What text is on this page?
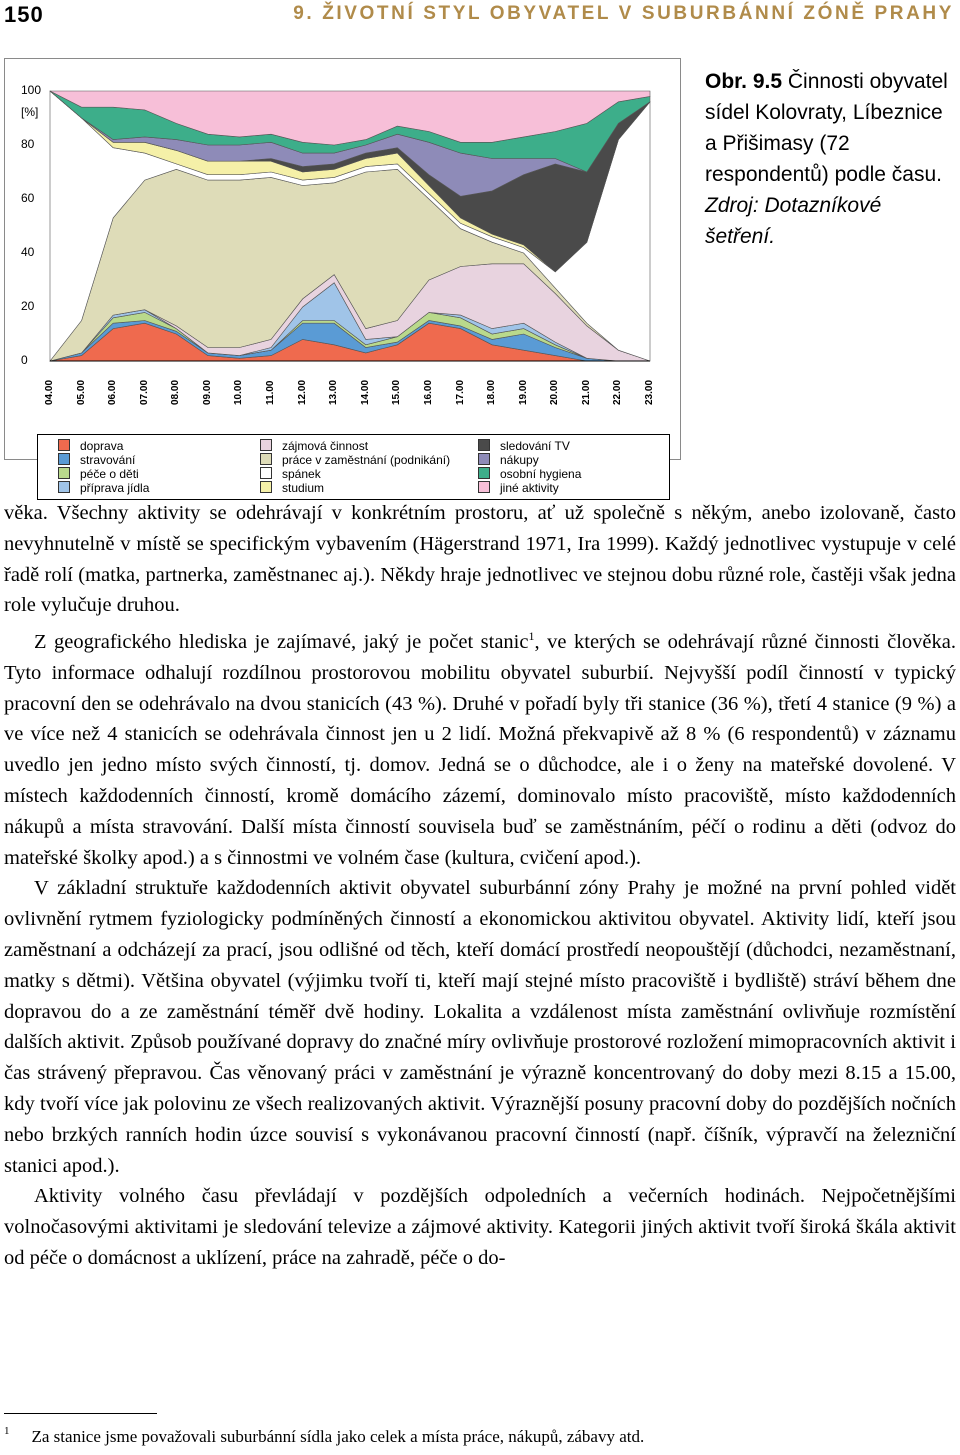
150	9. ŽIVOTNÍ STYL OBYVATEL V SUBURBÁNNÍ ZÓNĚ PRAHY
100
80
60
40
20
0
[%]
04.00 05.00 06.00 07.00 08.00 09.00 10.00 11.00 12.00 13.00 14.00 15.00 16.00 17.00 18.00 19.00 20.00 21.00 22.00 23.00
doprava
stravování
péče o děti
příprava jídla
zájmová činnost
práce v zaměstnání (podnikání)
spánek
studium
sledování TV
nákupy
osobní hygiena
jiné aktivity
Obr. 9.5 Činnosti obyvatel sídel Kolovraty, Líbeznice a Přišimasy (72 respondentů) podle času. Zdroj: Dotazníkové šetření.

věka. Všechny aktivity se odehrávají v konkrétním prostoru, ať už společně s někým, anebo izolovaně, často nevyhnutelně v místě se specifickým vybavením (Hägerstrand 1971, Ira 1999). Každý jednotlivec vystupuje v celé řadě rolí (matka, partnerka, zaměstnanec aj.). Někdy hraje jednotlivec ve stejnou dobu různé role, častěji však jedna role vylučuje druhou.

Z geografického hlediska je zajímavé, jaký je počet stanic$^1$, ve kterých se odehrávají různé činnosti člověka. Tyto informace odhalují rozdílnou prostorovou mobilitu obyvatel suburbií. Nejvyšší podíl činností v typický pracovní den se odehrávalo na dvou stanicích (43 %). Druhé v pořadí byly tři stanice (36 %), třetí 4 stanice (9 %) a ve více než 4 stanicích se odehrávala činnost jen u 2 lidí. Možná překvapivě až 8 % (6 respondentů) v záznamu uvedlo jen jedno místo svých činností, tj. domov. Jedná se o důchodce, ale i o ženy na mateřské dovolené. V místech každodenních činností, kromě domácího zázemí, dominovalo místo pracoviště, místo každodenních nákupů a místa stravování. Další místa činností souvisela buď se zaměstnáním, péčí o rodinu a děti (odvoz do mateřské školky apod.) a s činnostmi ve volném čase (kultura, cvičení apod.).

V základní struktuře každodenních aktivit obyvatel suburbánní zóny Prahy je možné na první pohled vidět ovlivnění rytmem fyziologicky podmíněných činností a ekonomickou aktivitou obyvatel. Aktivity lidí, kteří jsou zaměstnaní a odcházejí za prací, jsou odlišné od těch, kteří domácí prostředí neopouštějí (důchodci, nezaměstnaní, matky s dětmi). Většina obyvatel (výjimku tvoří ti, kteří mají stejné místo pracoviště i bydliště) stráví během dne dopravou do a ze zaměstnání téměř dvě hodiny. Lokalita a vzdálenost místa zaměstnání ovlivňuje rozmístění dalších aktivit. Způsob používané dopravy do značné míry ovlivňuje prostorové rozložení mimopracovních aktivit i čas strávený přepravou. Čas věnovaný práci v zaměstnání je výrazně koncentrovaný do doby mezi 8.15 a 15.00, kdy tvoří více jak polovinu ze všech realizovaných aktivit. Výraznější posuny pracovní doby do pozdějších nočních nebo brzkých ranních hodin úzce souvisí s vykonávanou pracovní činností (např. číšník, výpravčí na železniční stanici apod.).

Aktivity volného času převládají v pozdějších odpoledních a večerních hodinách. Nejpočetnějšími volnočasovými aktivitami je sledování televize a zájmové aktivity. Kategorii jiných aktivit tvoří široká škála aktivit od péče o domácnost a uklízení, práce na zahradě, péče o do-

$^1$ Za stanice jsme považovali suburbánní sídla jako celek a místa práce, nákupů, zábavy atd.
